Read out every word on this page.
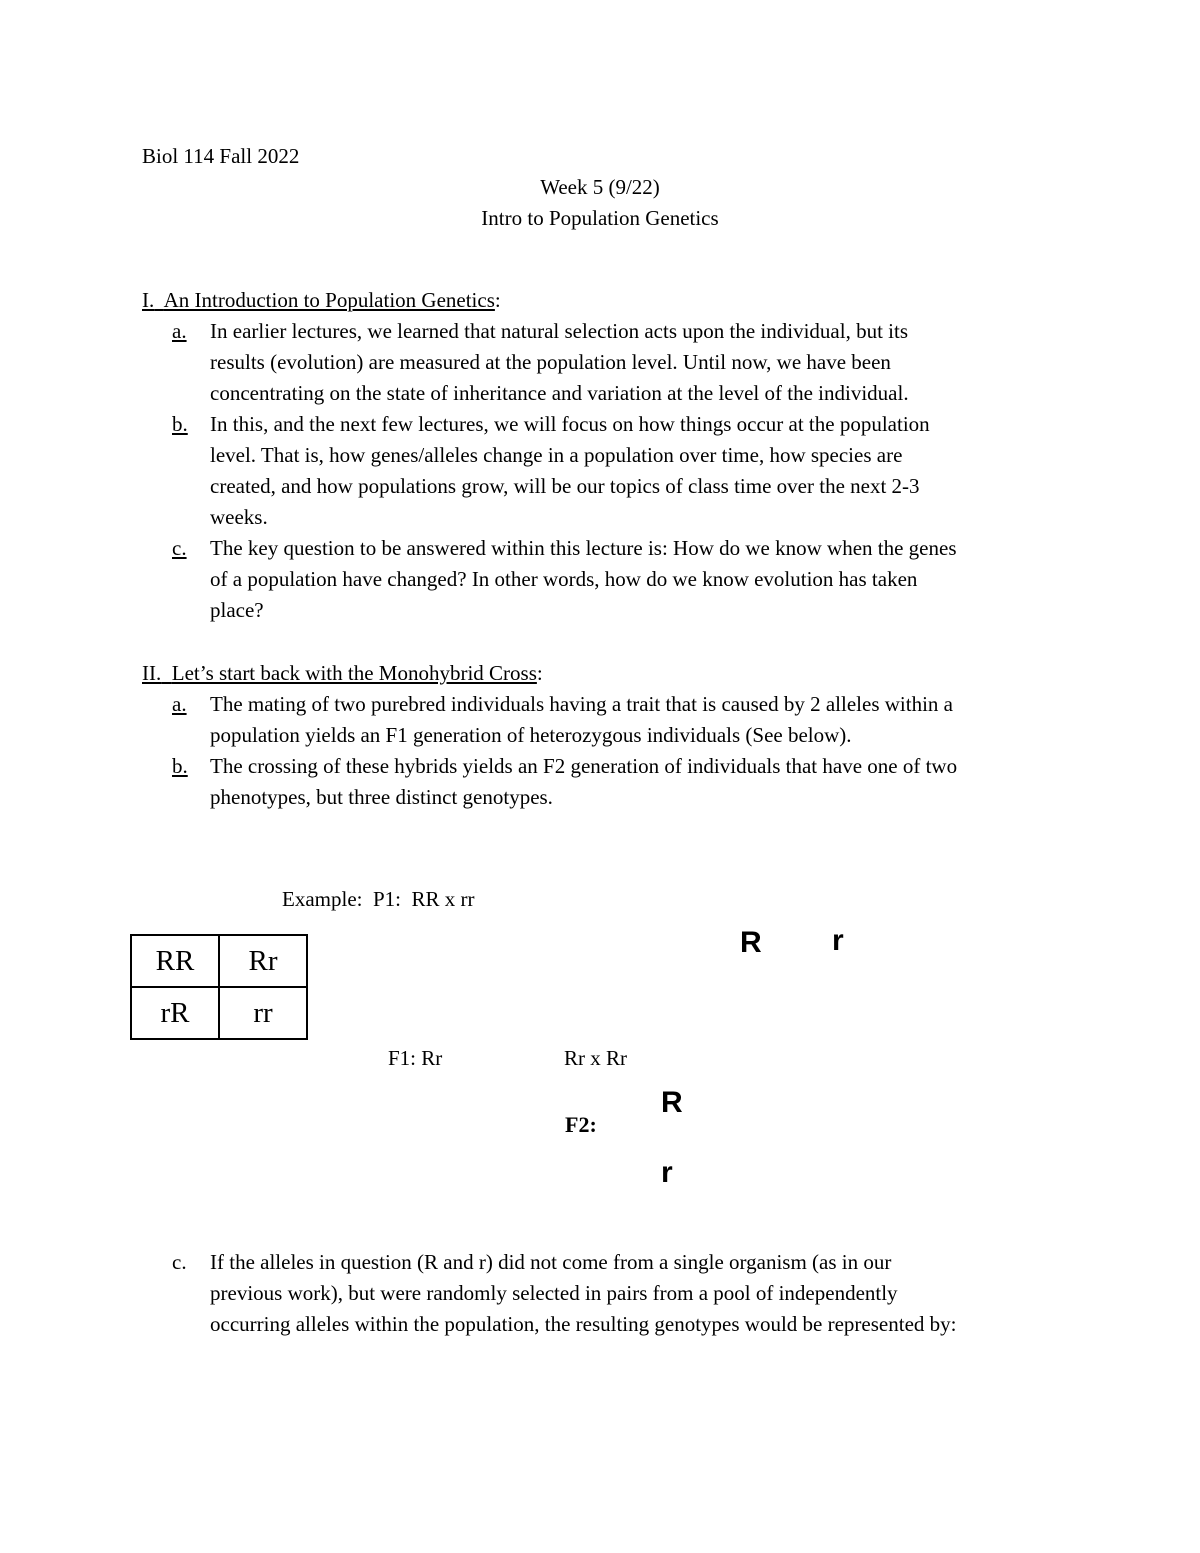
Biol 114 Fall 2022
Week 5 (9/22)
Intro to Population Genetics
I. An Introduction to Population Genetics:
a.	In earlier lectures, we learned that natural selection acts upon the individual, but its
results (evolution) are measured at the population level. Until now, we have been
concentrating on the state of inheritance and variation at the level of the individual.
b.	In this, and the next few lectures, we will focus on how things occur at the population
level. That is, how genes/alleles change in a population over time, how species are
created, and how populations grow, will be our topics of class time over the next 2-3
weeks.
c.	The key question to be answered within this lecture is: How do we know when the genes
of a population have changed? In other words, how do we know evolution has taken
place?
II. Let’s start back with the Monohybrid Cross:
a.	The mating of two purebred individuals having a trait that is caused by 2 alleles within a
population yields an F1 generation of heterozygous individuals (See below).
b.	The crossing of these hybrids yields an F2 generation of individuals that have one of two
phenotypes, but three distinct genotypes.
Example:  P1:  RR x rr
RR	Rr
rR	rr
R r
F1: Rr	Rr x Rr
F2:
R
r
c.	If the alleles in question (R and r) did not come from a single organism (as in our
previous work), but were randomly selected in pairs from a pool of independently
occurring alleles within the population, the resulting genotypes would be represented by:
